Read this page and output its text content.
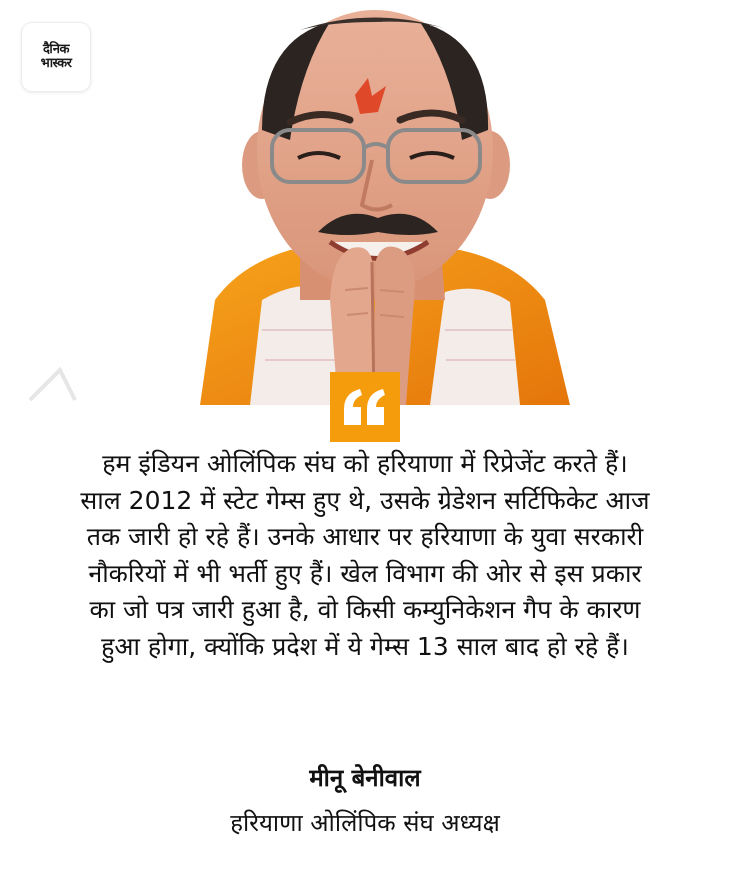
दैनिक
भास्कर
हम इंडियन ओलिंपिक संघ को हरियाणा में रिप्रेजेंट करते हैं।
साल 2012 में स्टेट गेम्स हुए थे, उसके ग्रेडेशन सर्टिफिकेट आज
तक जारी हो रहे हैं। उनके आधार पर हरियाणा के युवा सरकारी
नौकरियों में भी भर्ती हुए हैं। खेल विभाग की ओर से इस प्रकार
का जो पत्र जारी हुआ है, वो किसी कम्युनिकेशन गैप के कारण
हुआ होगा, क्योंकि प्रदेश में ये गेम्स 13 साल बाद हो रहे हैं।
मीनू बेनीवाल
हरियाणा ओलिंपिक संघ अध्यक्ष
